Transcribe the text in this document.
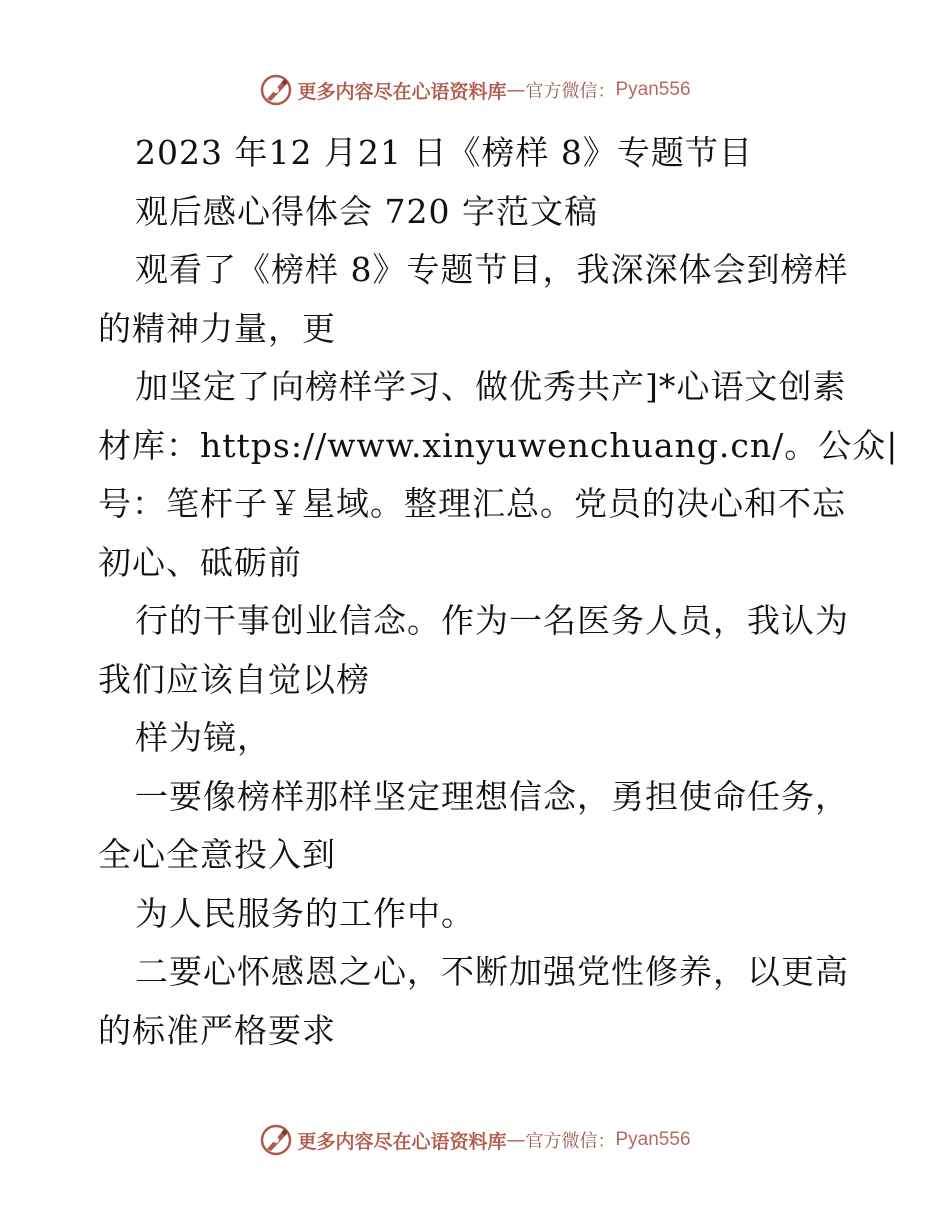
更多内容尽在心语资料库 — 官方微信： Pyan556
2023 年12 月21 日《榜样 8》专题节目
观后感心得体会 720 字范文稿
观看了《榜样 8》专题节目，我深深体会到榜样
的精神力量，更
加坚定了向榜样学习、做优秀共产]*心语文创素
材库：https://www.xinyuwenchuang.cn/。公众|
号：笔杆子￥星域。整理汇总。党员的决心和不忘
初心、砥砺前
行的干事创业信念。作为一名医务人员，我认为
我们应该自觉以榜
样为镜，
一要像榜样那样坚定理想信念，勇担使命任务，
全心全意投入到
为人民服务的工作中。
二要心怀感恩之心，不断加强党性修养，以更高
的标准严格要求
更多内容尽在心语资料库 — 官方微信： Pyan556
